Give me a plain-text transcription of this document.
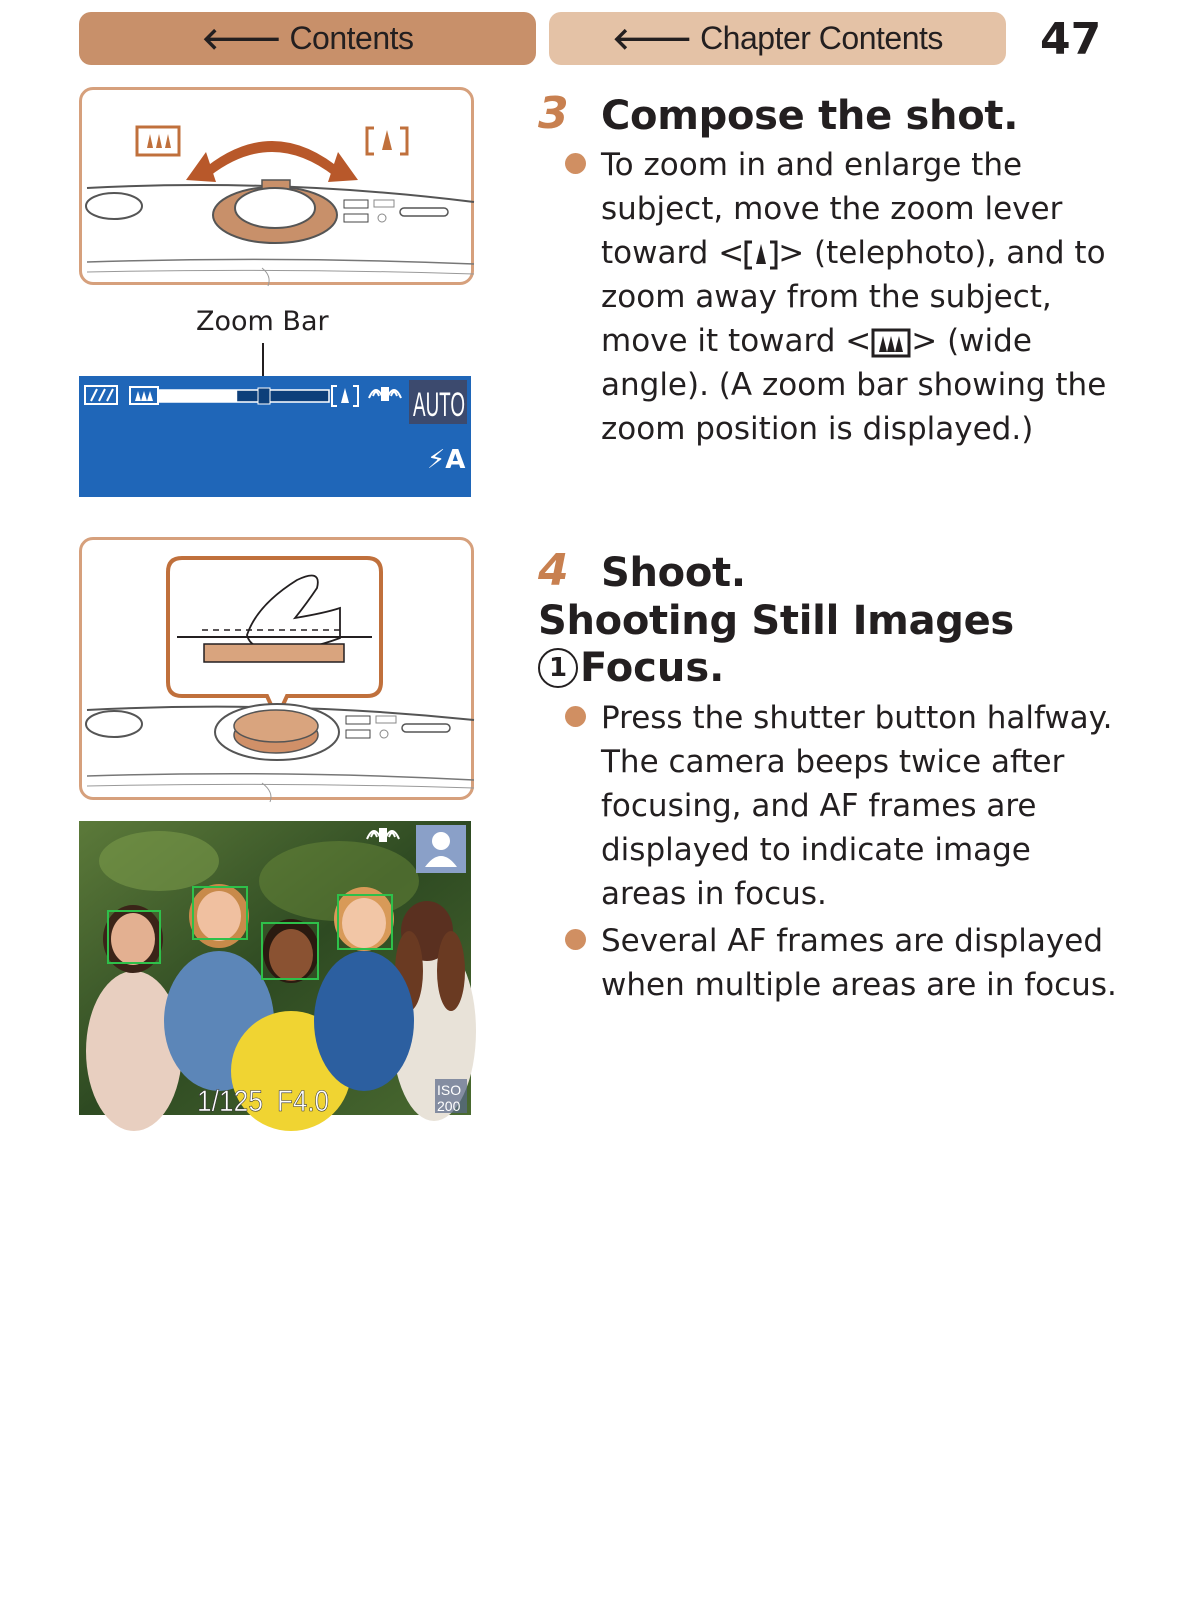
🡐 Contents	🡐 Chapter Contents 47
Zoom Bar
AUTO
⚡A
1/125 F4.0	ISO
200
3 Compose the shot.
To zoom in and enlarge the subject, move the zoom lever toward < > (telephoto), and to zoom away from the subject, move it toward < > (wide angle). (A zoom bar showing the zoom position is displayed.)
4 Shoot.
Shooting Still Images
1 Focus.
Press the shutter button halfway. The camera beeps twice after focusing, and AF frames are displayed to indicate image areas in focus.
Several AF frames are displayed when multiple areas are in focus.
